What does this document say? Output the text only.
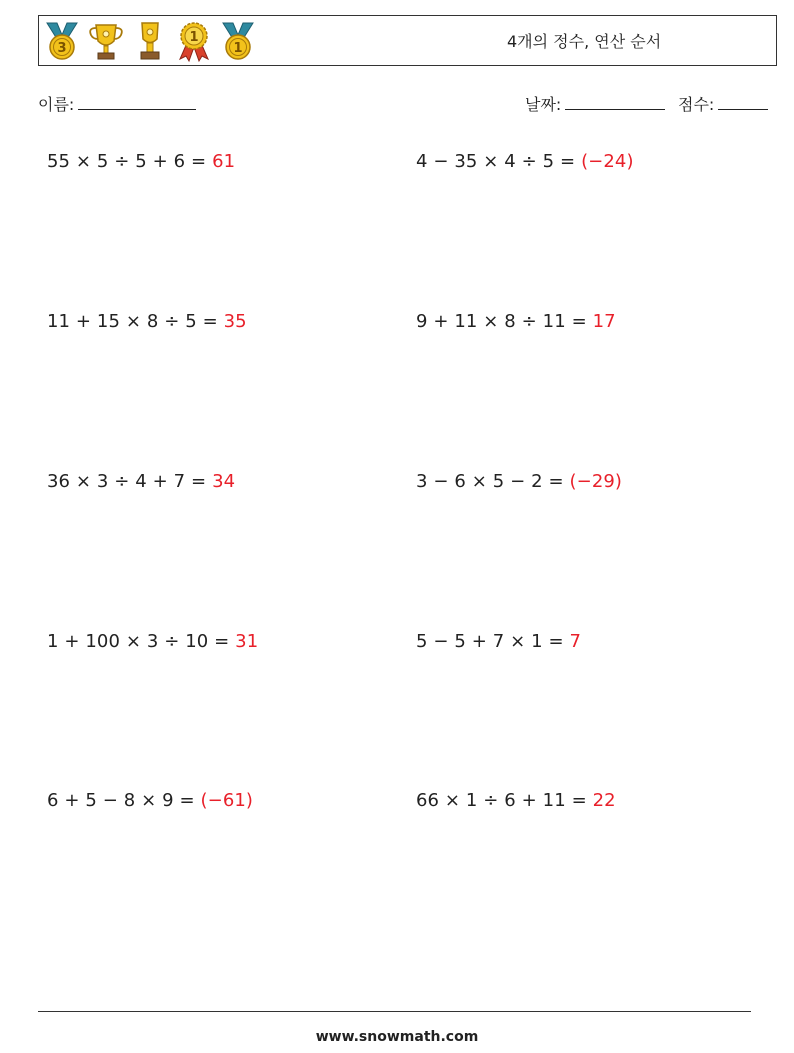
3
1
1	4개의 정수, 연산 순서
이름:	날짜:	점수:
55 × 5 ÷ 5 + 6 = 61	4 − 35 × 4 ÷ 5 = (−24)
11 + 15 × 8 ÷ 5 = 35	9 + 11 × 8 ÷ 11 = 17
36 × 3 ÷ 4 + 7 = 34	3 − 6 × 5 − 2 = (−29)
1 + 100 × 3 ÷ 10 = 31	5 − 5 + 7 × 1 = 7
6 + 5 − 8 × 9 = (−61)	66 × 1 ÷ 6 + 11 = 22
www.snowmath.com
